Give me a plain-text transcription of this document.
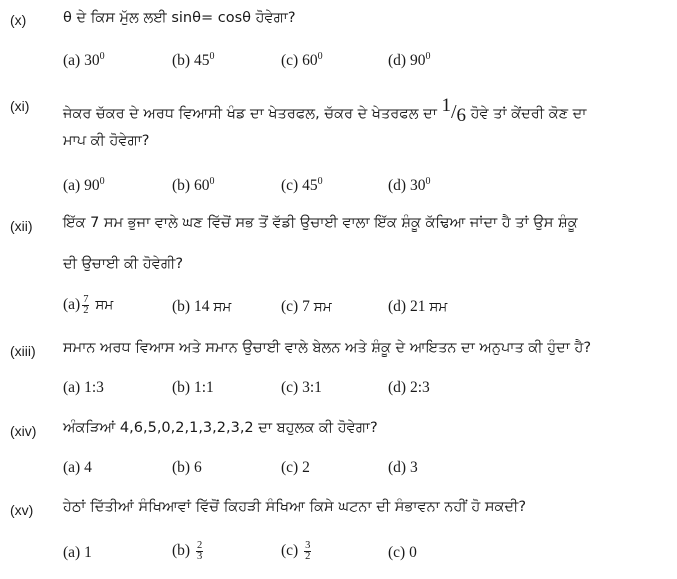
(x)	θ ਦੇ ਕਿਸ ਮੁੱਲ ਲਈ sinθ= cosθ ਹੋਵੇਗਾ?
(a) $30^0$	(b) $45^0$	(c) $60^0$	(d) $90^0$
(xi) ਜੇਕਰ ਚੱਕਰ ਦੇ ਅਰਧ ਵਿਆਸੀ ਖੰਡ ਦਾ ਖੇਤਰਫਲ, ਚੱਕਰ ਦੇ ਖੇਤਰਫਲ ਦਾ 1/6 ਹੋਵੇ ਤਾਂ ਕੇਂਦਰੀ ਕੋਣ ਦਾ
ਮਾਪ ਕੀ ਹੋਵੇਗਾ?
(a) $90^0$	(b) $60^0$	(c) $45^0$	(d) $30^0$
(xii) ਇੱਕ 7 ਸਮ ਭੁਜਾ ਵਾਲੇ ਘਣ ਵਿੱਚੋਂ ਸਭ ਤੋਂ ਵੱਡੀ ਉਚਾਈ ਵਾਲਾ ਇੱਕ ਸ਼ੰਕੂ ਕੱਢਿਆ ਜਾਂਦਾ ਹੈ ਤਾਂ ਉਸ ਸ਼ੰਕੂ
ਦੀ ਉਚਾਈ ਕੀ ਹੋਵੇਗੀ?
$(a) \frac{7}{2}$ ਸਮ	(b) 14 ਸਮ	(c) 7 ਸਮ	(d) 21 ਸਮ
(xiii) ਸਮਾਨ ਅਰਧ ਵਿਆਸ ਅਤੇ ਸਮਾਨ ਉਚਾਈ ਵਾਲੇ ਬੇਲਨ ਅਤੇ ਸ਼ੰਕੂ ਦੇ ਆਇਤਨ ਦਾ ਅਨੁਪਾਤ ਕੀ ਹੁੰਦਾ ਹੈ?
(a) 1:3	(b) 1:1	(c) 3:1	(d) 2:3
(xiv) ਅੰਕੜਿਆਂ 4,6,5,0,2,1,3,2,3,2 ਦਾ ਬਹੁਲਕ ਕੀ ਹੋਵੇਗਾ?
(a) 4	(b) 6	(c) 2	(d) 3
(xv) ਹੇਠਾਂ ਦਿੱਤੀਆਂ ਸੰਖਿਆਵਾਂ ਵਿੱਚੋਂ ਕਿਹੜੀ ਸੰਖਿਆ ਕਿਸੇ ਘਟਨਾ ਦੀ ਸੰਭਾਵਨਾ ਨਹੀਂ ਹੋ ਸਕਦੀ?
(a) 1	$(b) \frac{2}{3}$	$(c) \frac{3}{2}$	(c) 0
